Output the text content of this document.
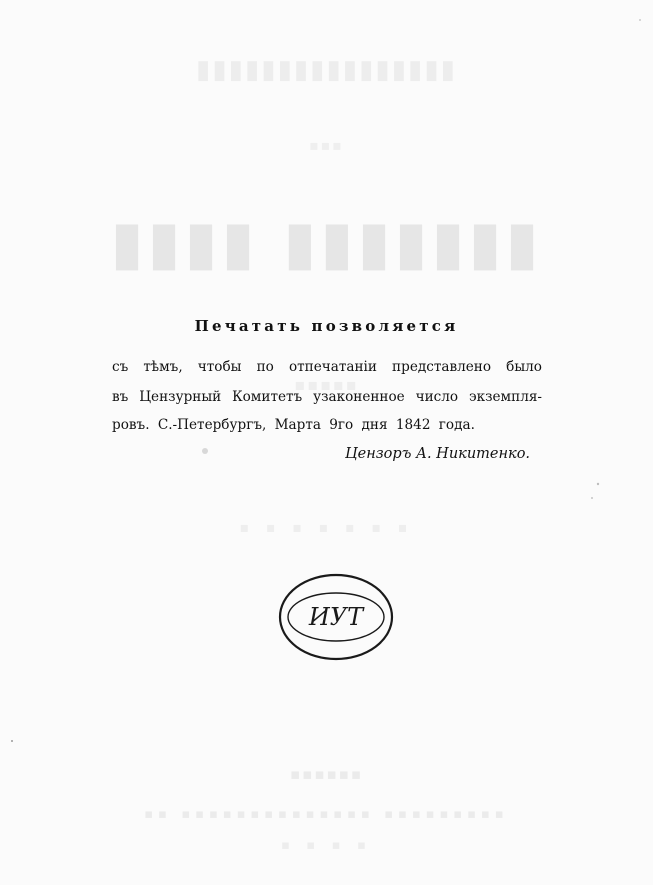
▮▮▮▮▮▮▮▮▮▮▮▮▮▮▮▮
▪▪▪
▮▮▮▮ ▮▮▮▮▮▮▮
▪▪▪▪▪
▪ ▪ ▪ ▪ ▪ ▪ ▪
▪▪▪▪▪▪
▪▪ ▪▪▪▪▪▪▪▪▪▪▪▪▪▪ ▪▪▪▪▪▪▪▪▪
▪ ▪ ▪ ▪
Печатать позволяется
съ тѣмъ, чтобы по отпечатаніи представлено было
въ Цензурный Комитетъ узаконенное число экземпля-
ровъ. С.-Петербургъ, Марта 9го дня 1842 года.
Цензоръ А. Никитенко.
ИУТ
